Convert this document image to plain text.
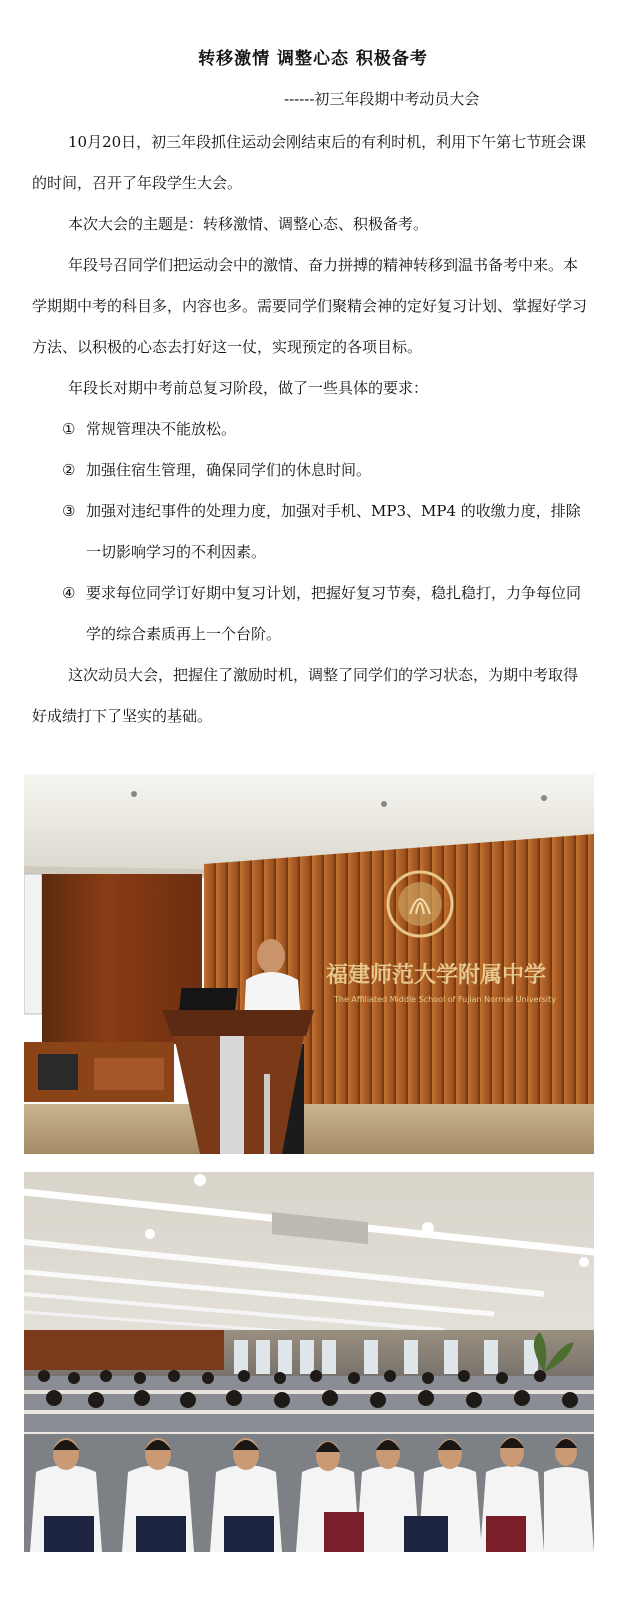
转移激情 调整心态 积极备考
------初三年段期中考动员大会

10月20日，初三年段抓住运动会刚结束后的有利时机，利用下午第七节班会课的时间，召开了年段学生大会。

本次大会的主题是：转移激情、调整心态、积极备考。

年段号召同学们把运动会中的激情、奋力拼搏的精神转移到温书备考中来。本学期期中考的科目多，内容也多。需要同学们聚精会神的定好复习计划、掌握好学习方法、以积极的心态去打好这一仗，实现预定的各项目标。

年段长对期中考前总复习阶段，做了一些具体的要求：

① 常规管理决不能放松。

② 加强住宿生管理，确保同学们的休息时间。

③ 加强对违纪事件的处理力度，加强对手机、MP3、MP4 的收缴力度，排除一切影响学习的不利因素。

④ 要求每位同学订好期中复习计划，把握好复习节奏，稳扎稳打，力争每位同学的综合素质再上一个台阶。

这次动员大会，把握住了激励时机，调整了同学们的学习状态，为期中考取得好成绩打下了坚实的基础。

福建师范大学附属中学
The Affiliated Middle School of Fujian Normal University
